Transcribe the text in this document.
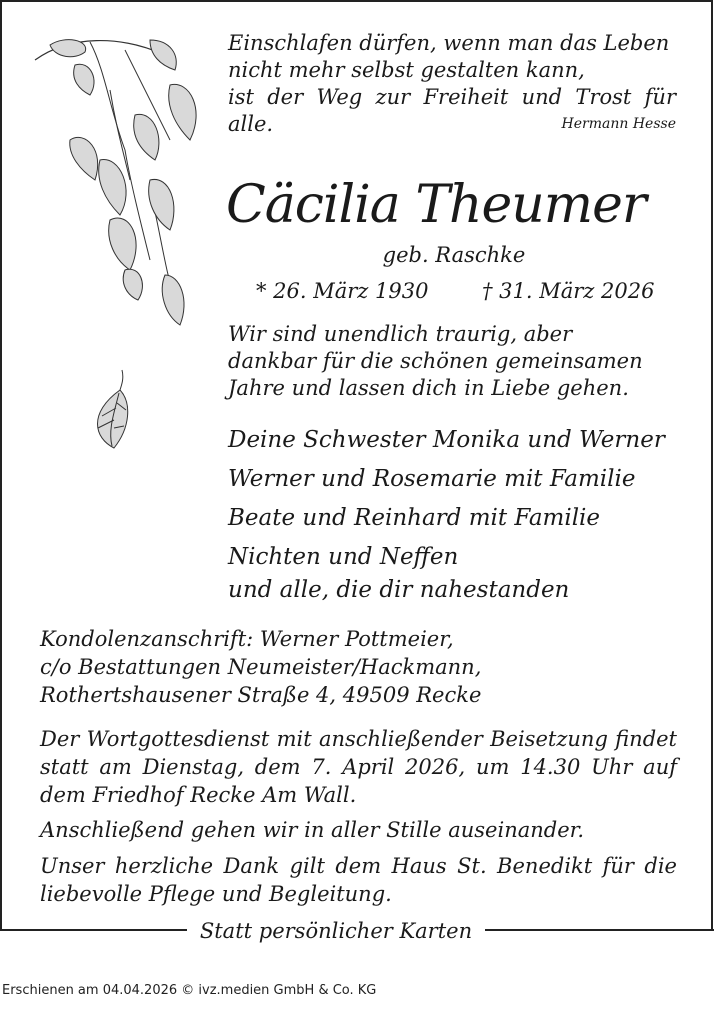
Einschlafen dürfen, wenn man das Leben
nicht mehr selbst gestalten kann,
ist der Weg zur Freiheit und Trost für alle.	Hermann Hesse
Cäcilia Theumer
geb. Raschke
* 26. März 1930	† 31. März 2026
Wir sind unendlich traurig, aber
dankbar für die schönen gemeinsamen
Jahre und lassen dich in Liebe gehen.
Deine Schwester Monika und Werner
Werner und Rosemarie mit Familie
Beate und Reinhard mit Familie
Nichten und Neffen
und alle, die dir nahestanden
Kondolenzanschrift: Werner Pottmeier,
c/o Bestattungen Neumeister/Hackmann,
Rothertshausener Straße 4, 49509 Recke
Der Wortgottesdienst mit anschließender Beisetzung findet statt am Dienstag, dem 7. April 2026, um 14.30 Uhr auf dem Friedhof Recke Am Wall.
Anschließend gehen wir in aller Stille auseinander.
Unser herzliche Dank gilt dem Haus St. Benedikt für die liebevolle Pflege und Begleitung.
Statt persönlicher Karten
Erschienen am 04.04.2026 © ivz.medien GmbH & Co. KG
